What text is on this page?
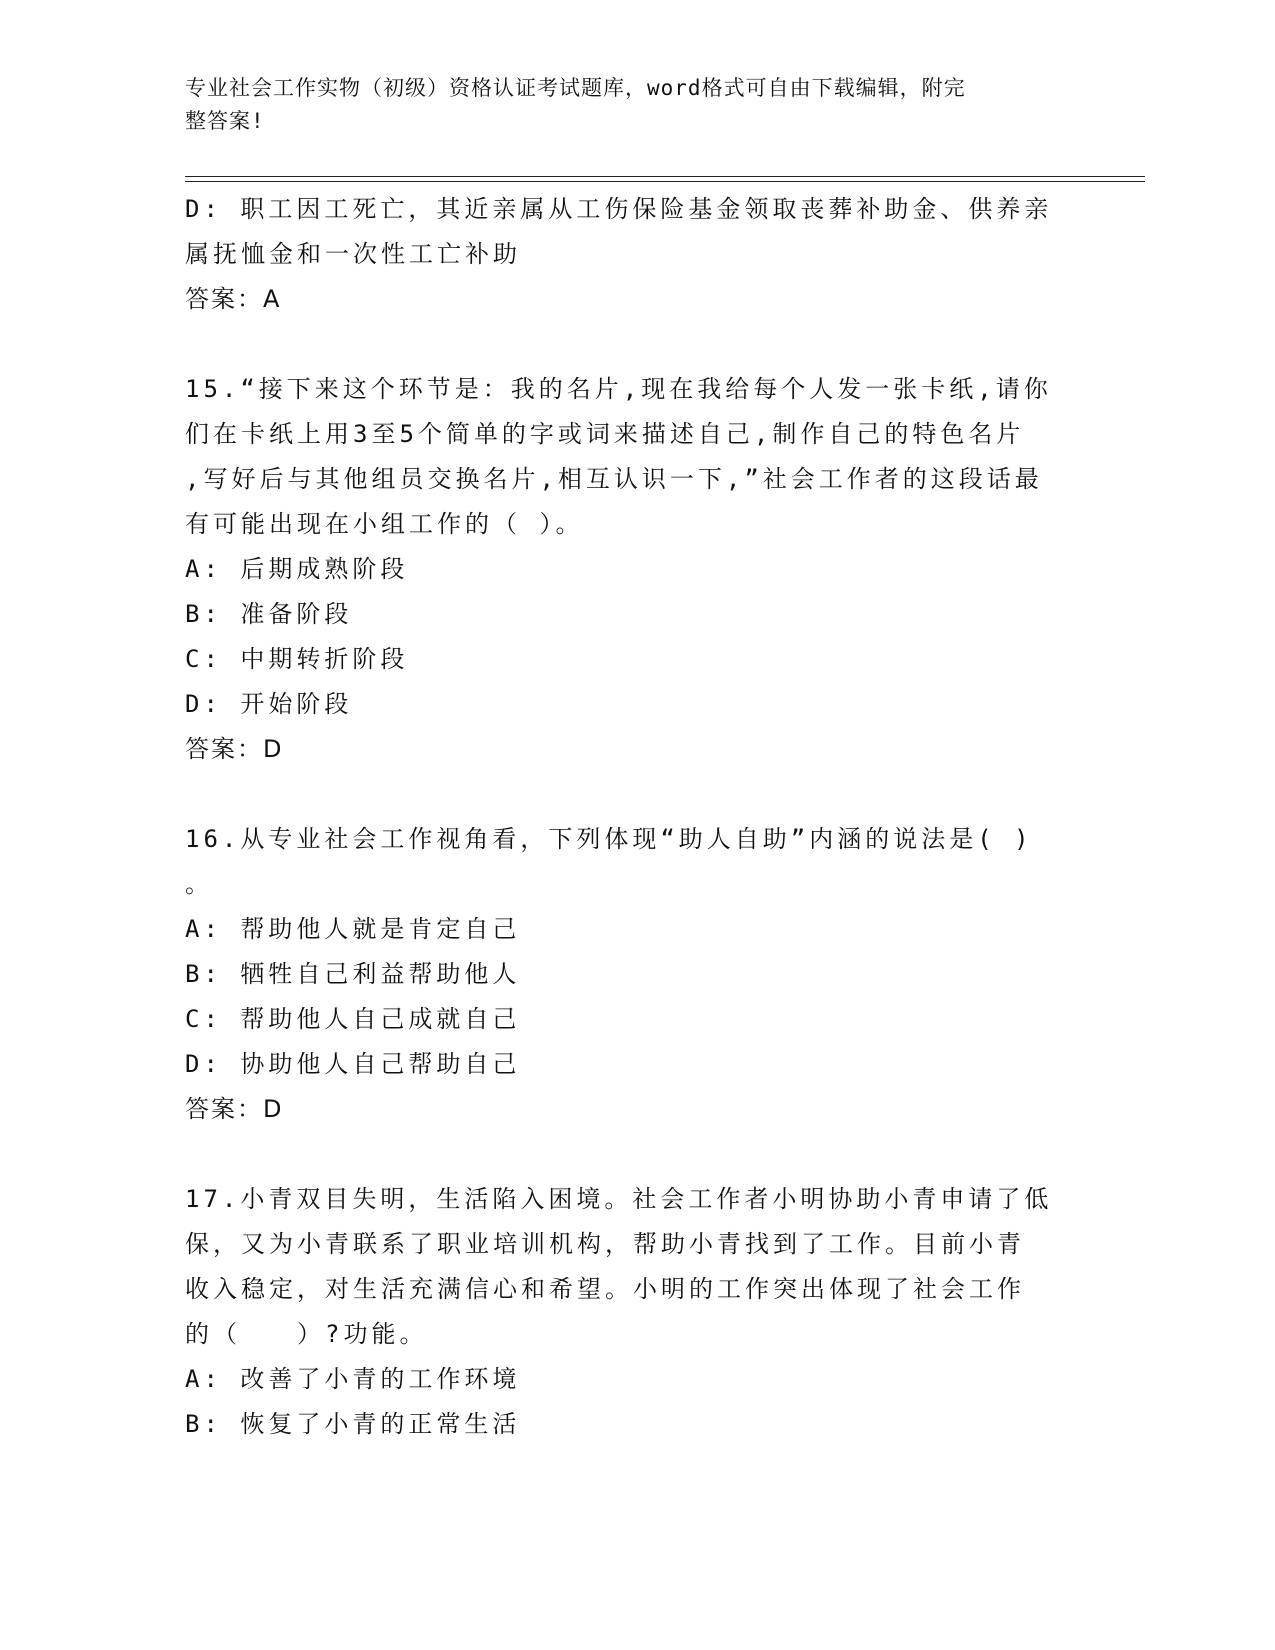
专业社会工作实物（初级）资格认证考试题库，word格式可自由下载编辑，附完
整答案!
D: 职工因工死亡，其近亲属从工伤保险基金领取丧葬补助金、供养亲
属抚恤金和一次性工亡补助
答案：A
15.“接下来这个环节是：我的名片,现在我给每个人发一张卡纸,请你
们在卡纸上用3至5个简单的字或词来描述自己,制作自己的特色名片
,写好后与其他组员交换名片,相互认识一下,”社会工作者的这段话最
有可能出现在小组工作的（ ）。
A: 后期成熟阶段
B: 准备阶段
C: 中期转折阶段
D: 开始阶段
答案：D
16.从专业社会工作视角看，下列体现“助人自助”内涵的说法是( )
。
A: 帮助他人就是肯定自己
B: 牺牲自己利益帮助他人
C: 帮助他人自己成就自己
D: 协助他人自己帮助自己
答案：D
17.小青双目失明，生活陷入困境。社会工作者小明协助小青申请了低
保，又为小青联系了职业培训机构，帮助小青找到了工作。目前小青
收入稳定，对生活充满信心和希望。小明的工作突出体现了社会工作
的（　　）?功能。
A: 改善了小青的工作环境
B: 恢复了小青的正常生活
